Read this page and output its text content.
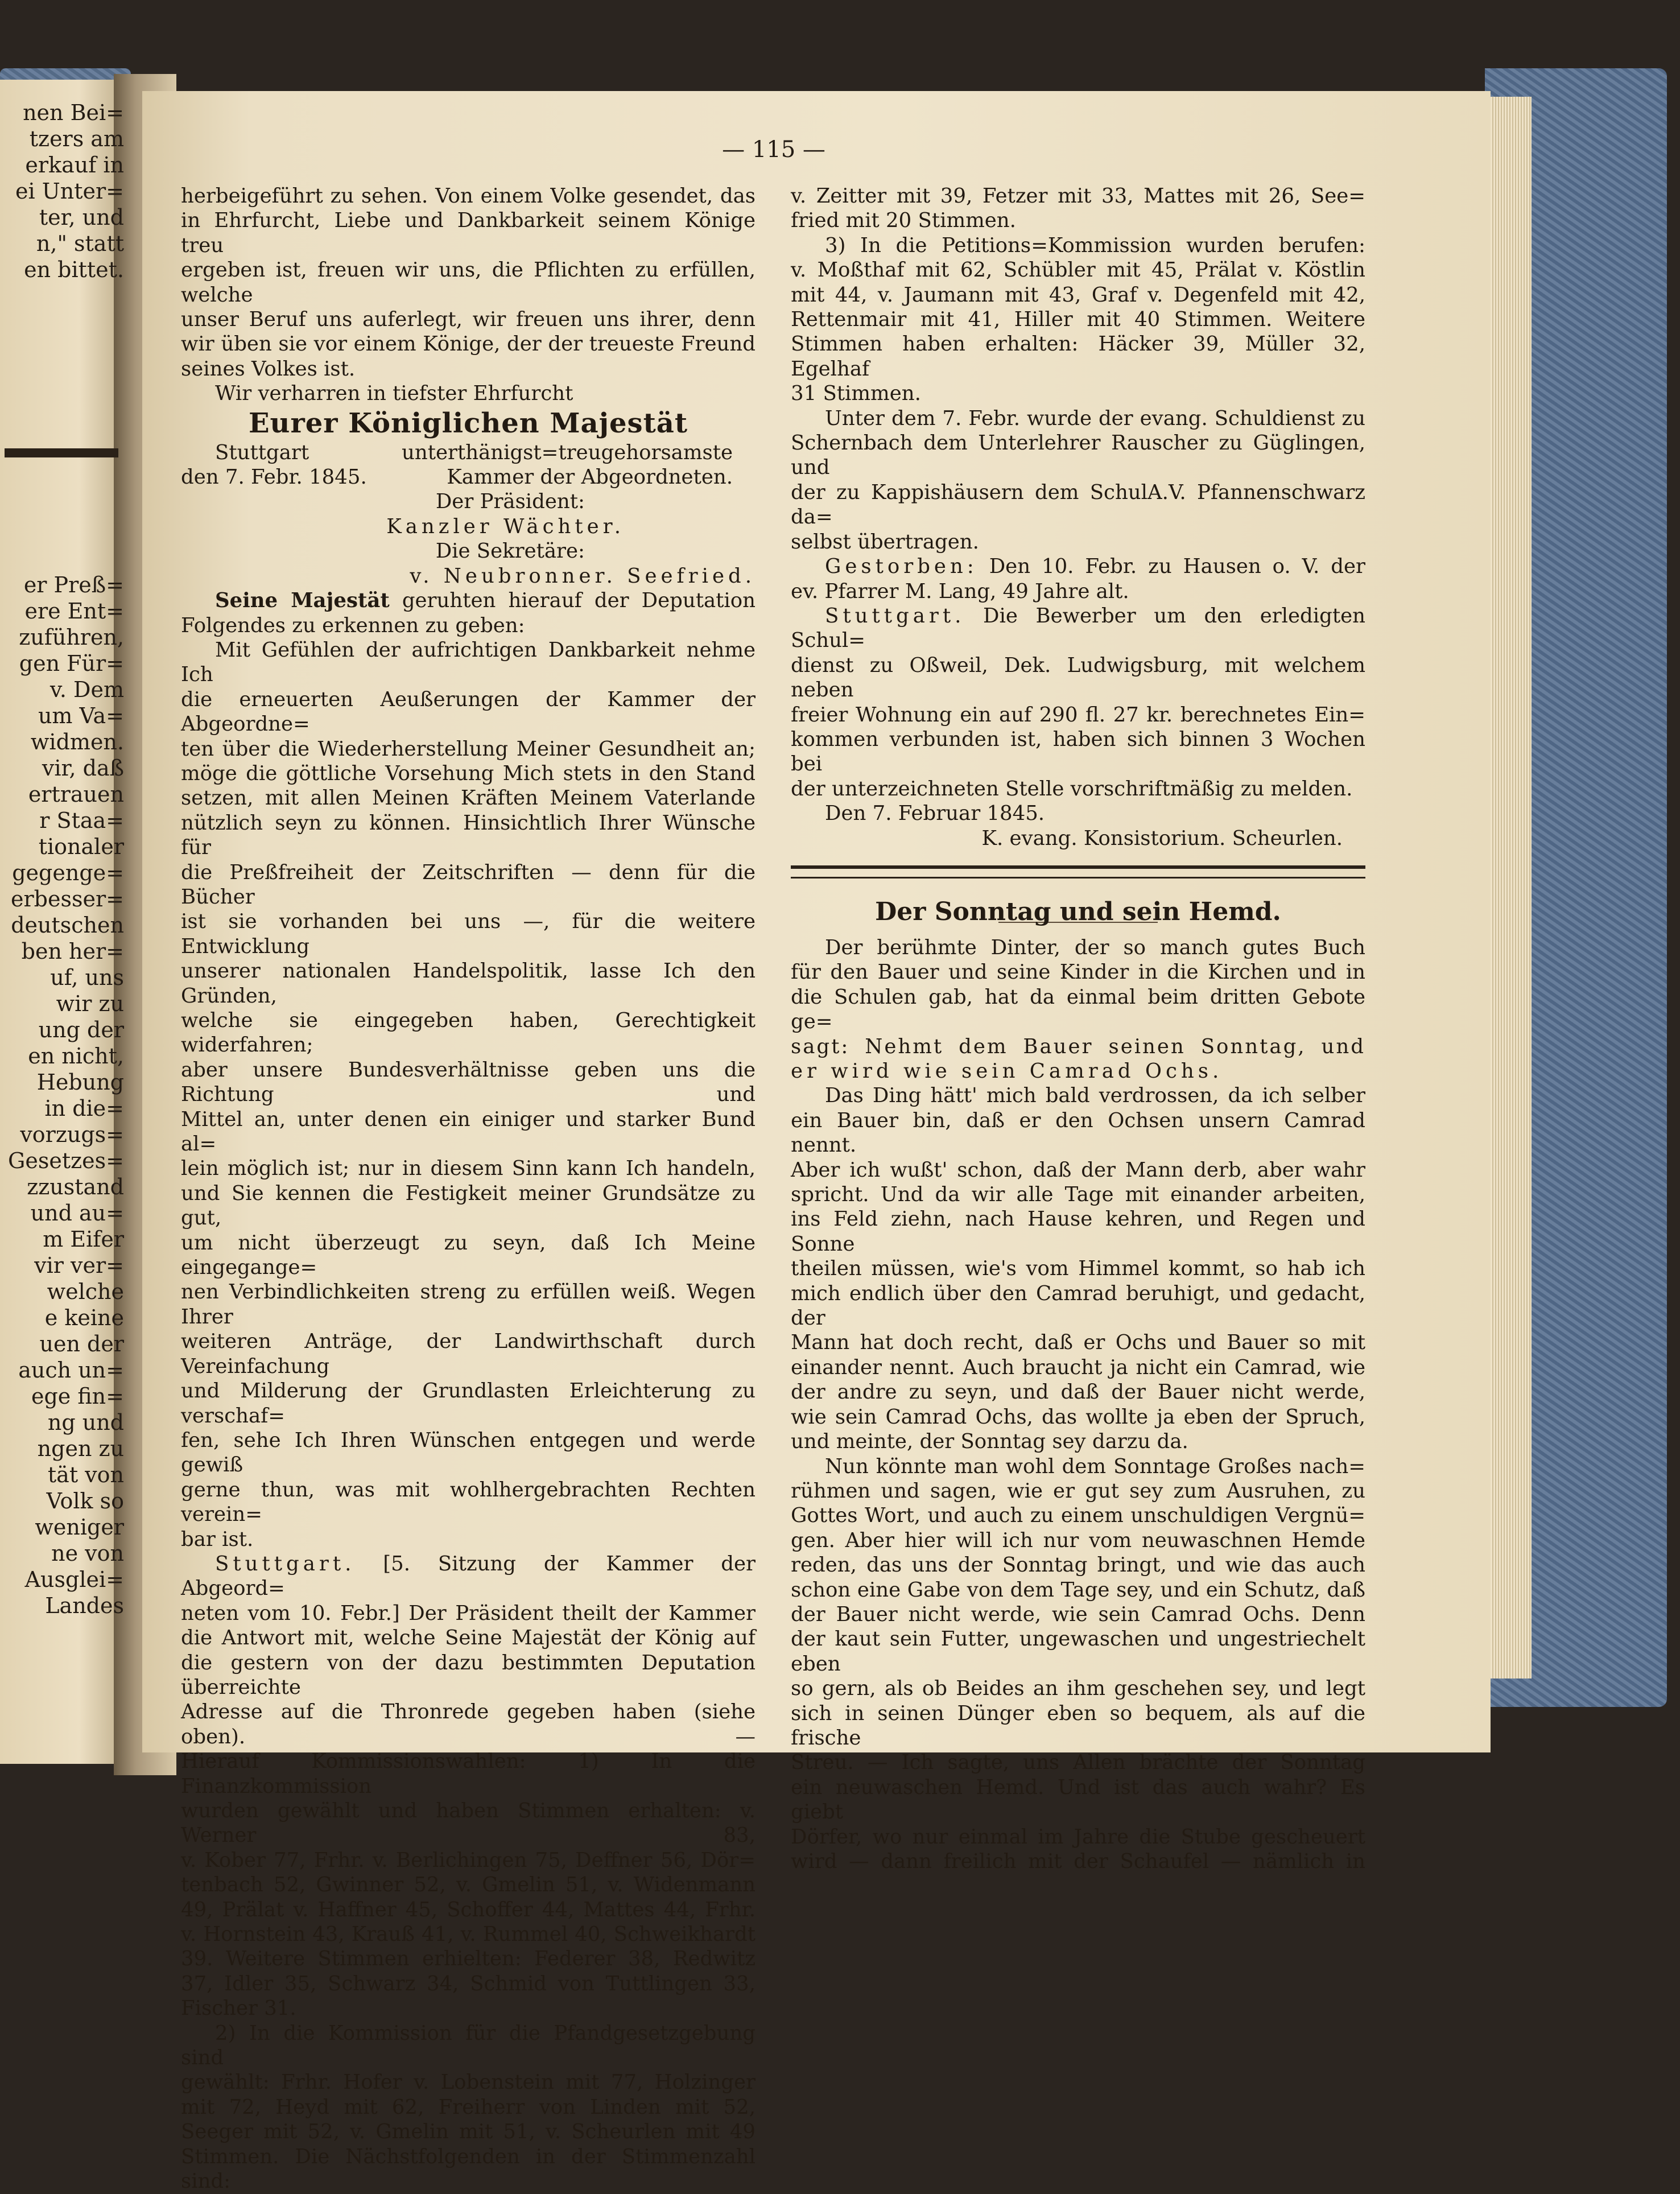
nen Bei=
tzers am
erkauf in
ei Unter=
ter, und
n," statt
en bittet.
er Preß=
ere Ent=
zuführen,
gen Für=
v. Dem
um Va=
widmen.
vir, daß
ertrauen
r Staa=
tionaler
gegenge=
erbesser=
deutschen
ben her=
uf, uns
wir zu
ung der
en nicht,
Hebung
in die=
vorzugs=
Gesetzes=
zzustand
und au=
m Eifer
vir ver=
welche
e keine
uen der
auch un=
ege fin=
ng und
ngen zu
tät von
Volk so
weniger
ne von
Ausglei=
Landes
— 115 —

herbeigeführt zu sehen. Von einem Volke gesendet, das

in Ehrfurcht, Liebe und Dankbarkeit seinem Könige treu

ergeben ist, freuen wir uns, die Pflichten zu erfüllen, welche

unser Beruf uns auferlegt, wir freuen uns ihrer, denn

wir üben sie vor einem Könige, der der treueste Freund

seines Volkes ist.

Wir verharren in tiefster Ehrfurcht

Eurer Königlichen Majestät

Stuttgart	unterthänigst=treugehorsamste
den 7. Febr. 1845.	Kammer der Abgeordneten.

Der Präsident:

Kanzler Wächter.

Die Sekretäre:

v. Neubronner. Seefried.

Seine Majestät geruhten hierauf der Deputation

Folgendes zu erkennen zu geben:

Mit Gefühlen der aufrichtigen Dankbarkeit nehme Ich

die erneuerten Aeußerungen der Kammer der Abgeordne=

ten über die Wiederherstellung Meiner Gesundheit an;

möge die göttliche Vorsehung Mich stets in den Stand

setzen, mit allen Meinen Kräften Meinem Vaterlande

nützlich seyn zu können. Hinsichtlich Ihrer Wünsche für

die Preßfreiheit der Zeitschriften — denn für die Bücher

ist sie vorhanden bei uns —, für die weitere Entwicklung

unserer nationalen Handelspolitik, lasse Ich den Gründen,

welche sie eingegeben haben, Gerechtigkeit widerfahren;

aber unsere Bundesverhältnisse geben uns die Richtung und

Mittel an, unter denen ein einiger und starker Bund al=

lein möglich ist; nur in diesem Sinn kann Ich handeln,

und Sie kennen die Festigkeit meiner Grundsätze zu gut,

um nicht überzeugt zu seyn, daß Ich Meine eingegange=

nen Verbindlichkeiten streng zu erfüllen weiß. Wegen Ihrer

weiteren Anträge, der Landwirthschaft durch Vereinfachung

und Milderung der Grundlasten Erleichterung zu verschaf=

fen, sehe Ich Ihren Wünschen entgegen und werde gewiß

gerne thun, was mit wohlhergebrachten Rechten verein=

bar ist.

Stuttgart. [5. Sitzung der Kammer der Abgeord=

neten vom 10. Febr.] Der Präsident theilt der Kammer

die Antwort mit, welche Seine Majestät der König auf

die gestern von der dazu bestimmten Deputation überreichte

Adresse auf die Thronrede gegeben haben (siehe oben). —

Hierauf Kommissionswahlen: 1) In die Finanzkommission

wurden gewählt und haben Stimmen erhalten: v. Werner 83,

v. Kober 77, Frhr. v. Berlichingen 75, Deffner 56, Dör=

tenbach 52, Gwinner 52, v. Gmelin 51, v. Widenmann

49, Prälat v. Haffner 45, Schoffer 44, Mattes 44, Frhr.

v. Hornstein 43, Krauß 41, v. Rummel 40, Schweikhardt

39. Weitere Stimmen erhielten: Federer 38, Redwitz

37, Idler 35, Schwarz 34, Schmid von Tuttlingen 33,

Fischer 31.

2) In die Kommission für die Pfandgesetzgebung sind

gewählt: Frhr. Hofer v. Lobenstein mit 77, Holzinger

mit 72, Heyd mit 62, Freiherr von Linden mit 52,

Seeger mit 52, v. Gmelin mit 51, v. Scheurlen mit 49

Stimmen. Die Nächstfolgenden in der Stimmenzahl sind:

v. Zeitter mit 39, Fetzer mit 33, Mattes mit 26, See=

fried mit 20 Stimmen.

3) In die Petitions=Kommission wurden berufen:

v. Moßthaf mit 62, Schübler mit 45, Prälat v. Köstlin

mit 44, v. Jaumann mit 43, Graf v. Degenfeld mit 42,

Rettenmair mit 41, Hiller mit 40 Stimmen. Weitere

Stimmen haben erhalten: Häcker 39, Müller 32, Egelhaf

31 Stimmen.

Unter dem 7. Febr. wurde der evang. Schuldienst zu

Schernbach dem Unterlehrer Rauscher zu Güglingen, und

der zu Kappishäusern dem SchulA.V. Pfannenschwarz da=

selbst übertragen.

Gestorben: Den 10. Febr. zu Hausen o. V. der

ev. Pfarrer M. Lang, 49 Jahre alt.

Stuttgart. Die Bewerber um den erledigten Schul=

dienst zu Oßweil, Dek. Ludwigsburg, mit welchem neben

freier Wohnung ein auf 290 fl. 27 kr. berechnetes Ein=

kommen verbunden ist, haben sich binnen 3 Wochen bei

der unterzeichneten Stelle vorschriftmäßig zu melden.

Den 7. Februar 1845.

K. evang. Konsistorium. Scheurlen.

Der Sonntag und sein Hemd.

Der berühmte Dinter, der so manch gutes Buch

für den Bauer und seine Kinder in die Kirchen und in

die Schulen gab, hat da einmal beim dritten Gebote ge=

sagt: Nehmt dem Bauer seinen Sonntag, und

er wird wie sein Camrad Ochs.

Das Ding hätt' mich bald verdrossen, da ich selber

ein Bauer bin, daß er den Ochsen unsern Camrad nennt.

Aber ich wußt' schon, daß der Mann derb, aber wahr

spricht. Und da wir alle Tage mit einander arbeiten,

ins Feld ziehn, nach Hause kehren, und Regen und Sonne

theilen müssen, wie's vom Himmel kommt, so hab ich

mich endlich über den Camrad beruhigt, und gedacht, der

Mann hat doch recht, daß er Ochs und Bauer so mit

einander nennt. Auch braucht ja nicht ein Camrad, wie

der andre zu seyn, und daß der Bauer nicht werde,

wie sein Camrad Ochs, das wollte ja eben der Spruch,

und meinte, der Sonntag sey darzu da.

Nun könnte man wohl dem Sonntage Großes nach=

rühmen und sagen, wie er gut sey zum Ausruhen, zu

Gottes Wort, und auch zu einem unschuldigen Vergnü=

gen. Aber hier will ich nur vom neuwaschnen Hemde

reden, das uns der Sonntag bringt, und wie das auch

schon eine Gabe von dem Tage sey, und ein Schutz, daß

der Bauer nicht werde, wie sein Camrad Ochs. Denn

der kaut sein Futter, ungewaschen und ungestriechelt eben

so gern, als ob Beides an ihm geschehen sey, und legt

sich in seinen Dünger eben so bequem, als auf die frische

Streu. — Ich sagte, uns Allen brächte der Sonntag

ein neuwaschen Hemd. Und ist das auch wahr? Es giebt

Dörfer, wo nur einmal im Jahre die Stube gescheuert

wird — dann freilich mit der Schaufel — nämlich in
